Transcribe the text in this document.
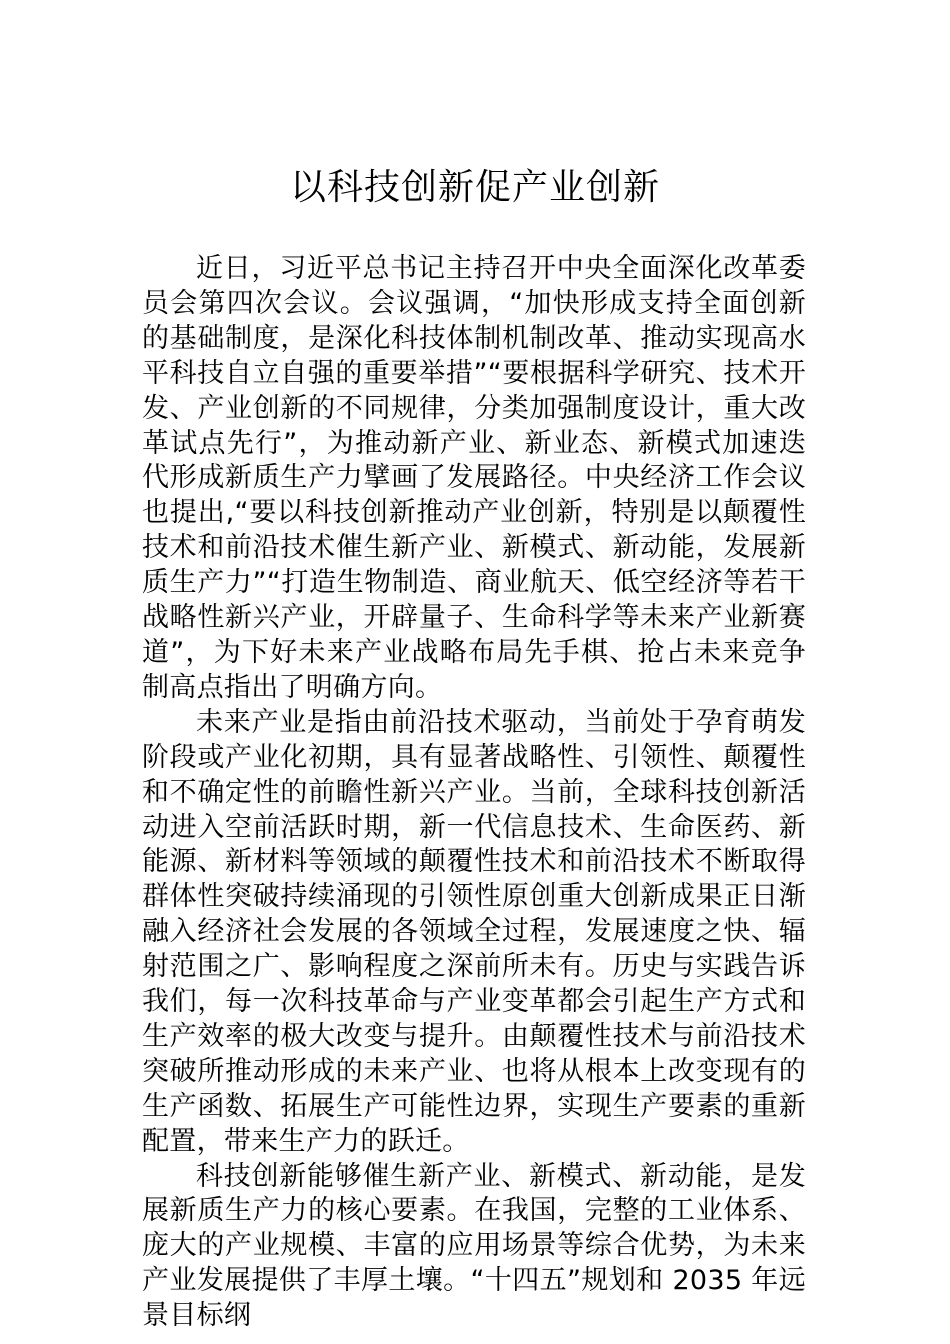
以科技创新促产业创新

近日，习近平总书记主持召开中央全面深化改革委员会第四次会议。会议强调，“加快形成支持全面创新的基础制度，是深化科技体制机制改革、推动实现高水平科技自立自强的重要举措”“要根据科学研究、技术开发、产业创新的不同规律，分类加强制度设计，重大改革试点先行”，为推动新产业、新业态、新模式加速迭代形成新质生产力擘画了发展路径。中央经济工作会议也提出,“要以科技创新推动产业创新，特别是以颠覆性技术和前沿技术催生新产业、新模式、新动能，发展新质生产力”“打造生物制造、商业航天、低空经济等若干战略性新兴产业，开辟量子、生命科学等未来产业新赛道”，为下好未来产业战略布局先手棋、抢占未来竞争制高点指出了明确方向。

未来产业是指由前沿技术驱动，当前处于孕育萌发阶段或产业化初期，具有显著战略性、引领性、颠覆性和不确定性的前瞻性新兴产业。当前，全球科技创新活动进入空前活跃时期，新一代信息技术、生命医药、新能源、新材料等领域的颠覆性技术和前沿技术不断取得群体性突破持续涌现的引领性原创重大创新成果正日渐融入经济社会发展的各领域全过程，发展速度之快、辐射范围之广、影响程度之深前所未有。历史与实践告诉我们，每一次科技革命与产业变革都会引起生产方式和生产效率的极大改变与提升。由颠覆性技术与前沿技术突破所推动形成的未来产业、也将从根本上改变现有的生产函数、拓展生产可能性边界，实现生产要素的重新配置，带来生产力的跃迁。

科技创新能够催生新产业、新模式、新动能，是发展新质生产力的核心要素。在我国，完整的工业体系、庞大的产业规模、丰富的应用场景等综合优势，为未来产业发展提供了丰厚土壤。“十四五”规划和 2035 年远景目标纲
